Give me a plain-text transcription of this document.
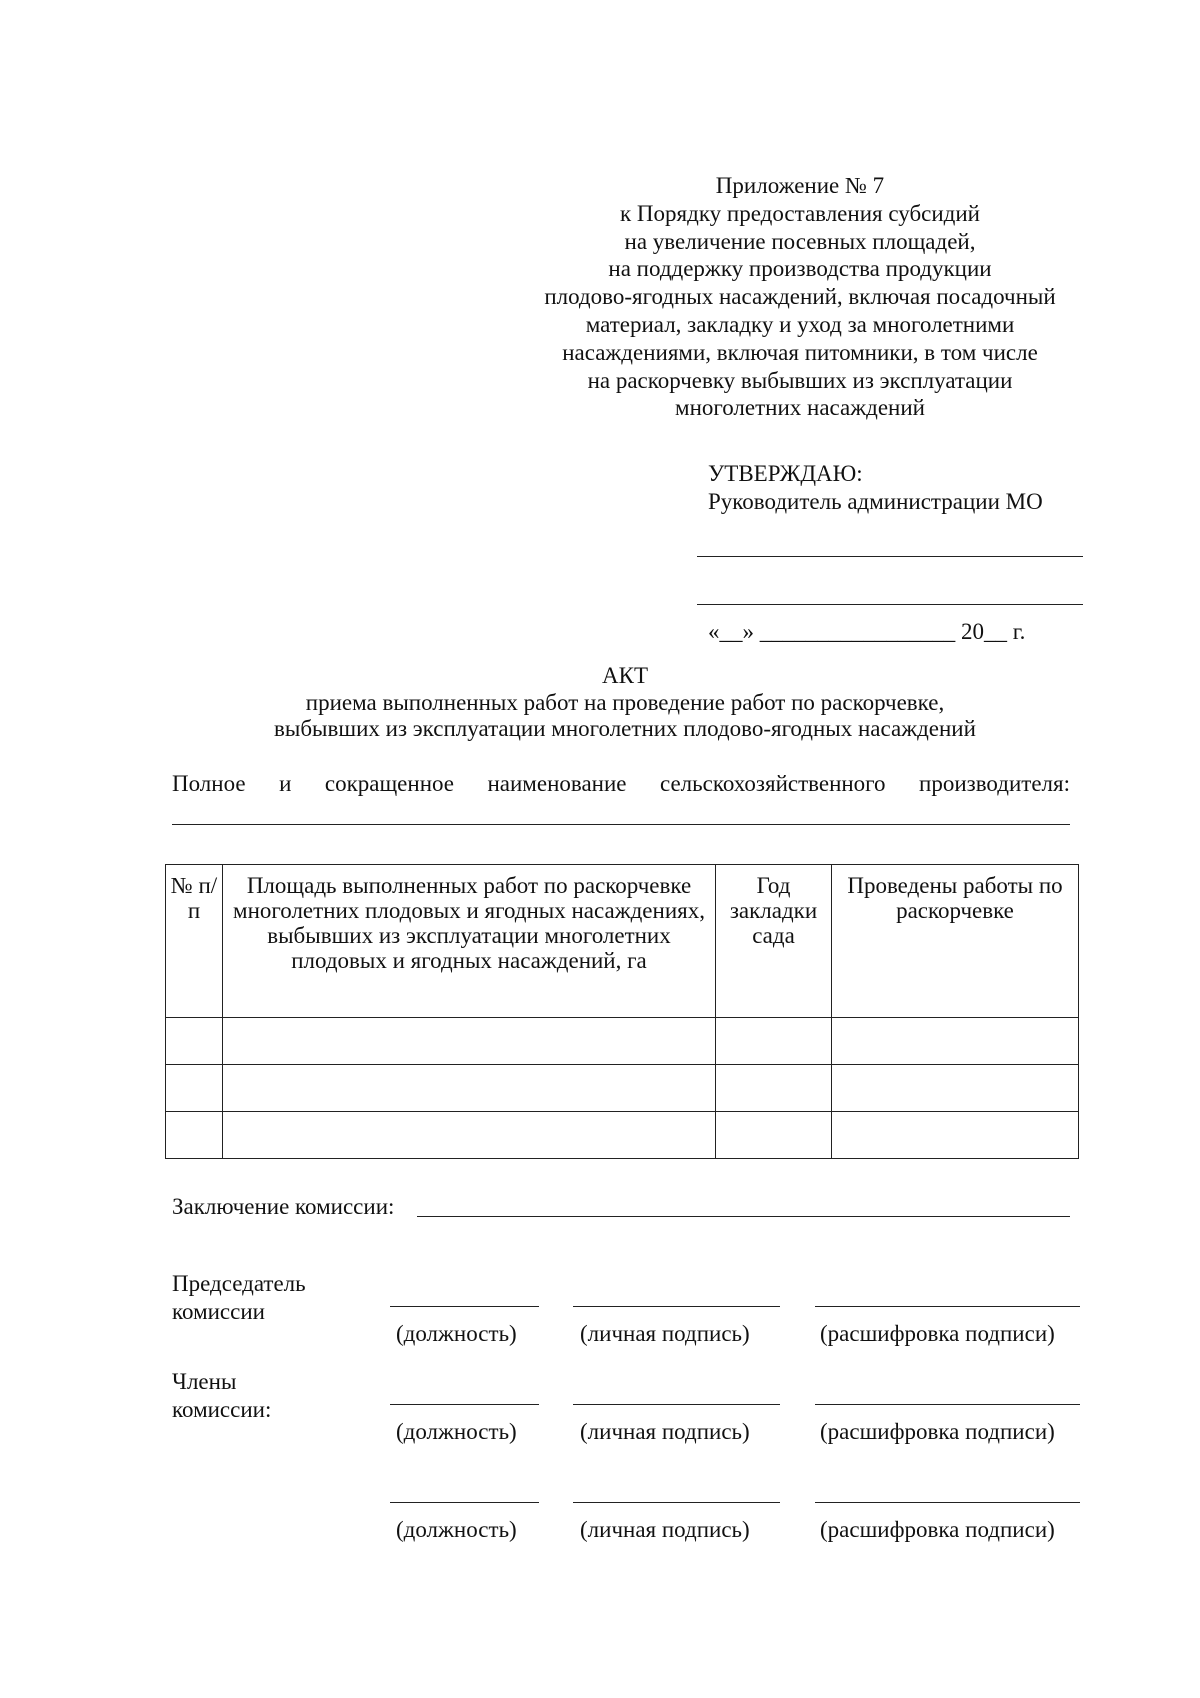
Приложение № 7
к Порядку предоставления субсидий
на увеличение посевных площадей,
на поддержку производства продукции
плодово-ягодных насаждений, включая посадочный
материал, закладку и уход за многолетними
насаждениями, включая питомники, в том числе
на раскорчевку выбывших из эксплуатации
многолетних насаждений
УТВЕРЖДАЮ:
Руководитель администрации МО
«__» _________________ 20__ г.
АКТ
приема выполненных работ на проведение работ по раскорчевке,
выбывших из эксплуатации многолетних плодово-ягодных насаждений
Полное и сокращенное наименование сельскохозяйственного производителя:
№ п/п	Площадь выполненных работ по раскорчевке многолетних плодовых и ягодных насаждениях, выбывших из эксплуатации многолетних плодовых и ягодных насаждений, га	Год закладки сада	Проведены работы по раскорчевке

Заключение комиссии:
Председатель
комиссии
(должность)	(личная подпись)	(расшифровка подписи)
Члены
комиссии:
(должность)	(личная подпись)	(расшифровка подписи)
(должность)	(личная подпись)	(расшифровка подписи)
